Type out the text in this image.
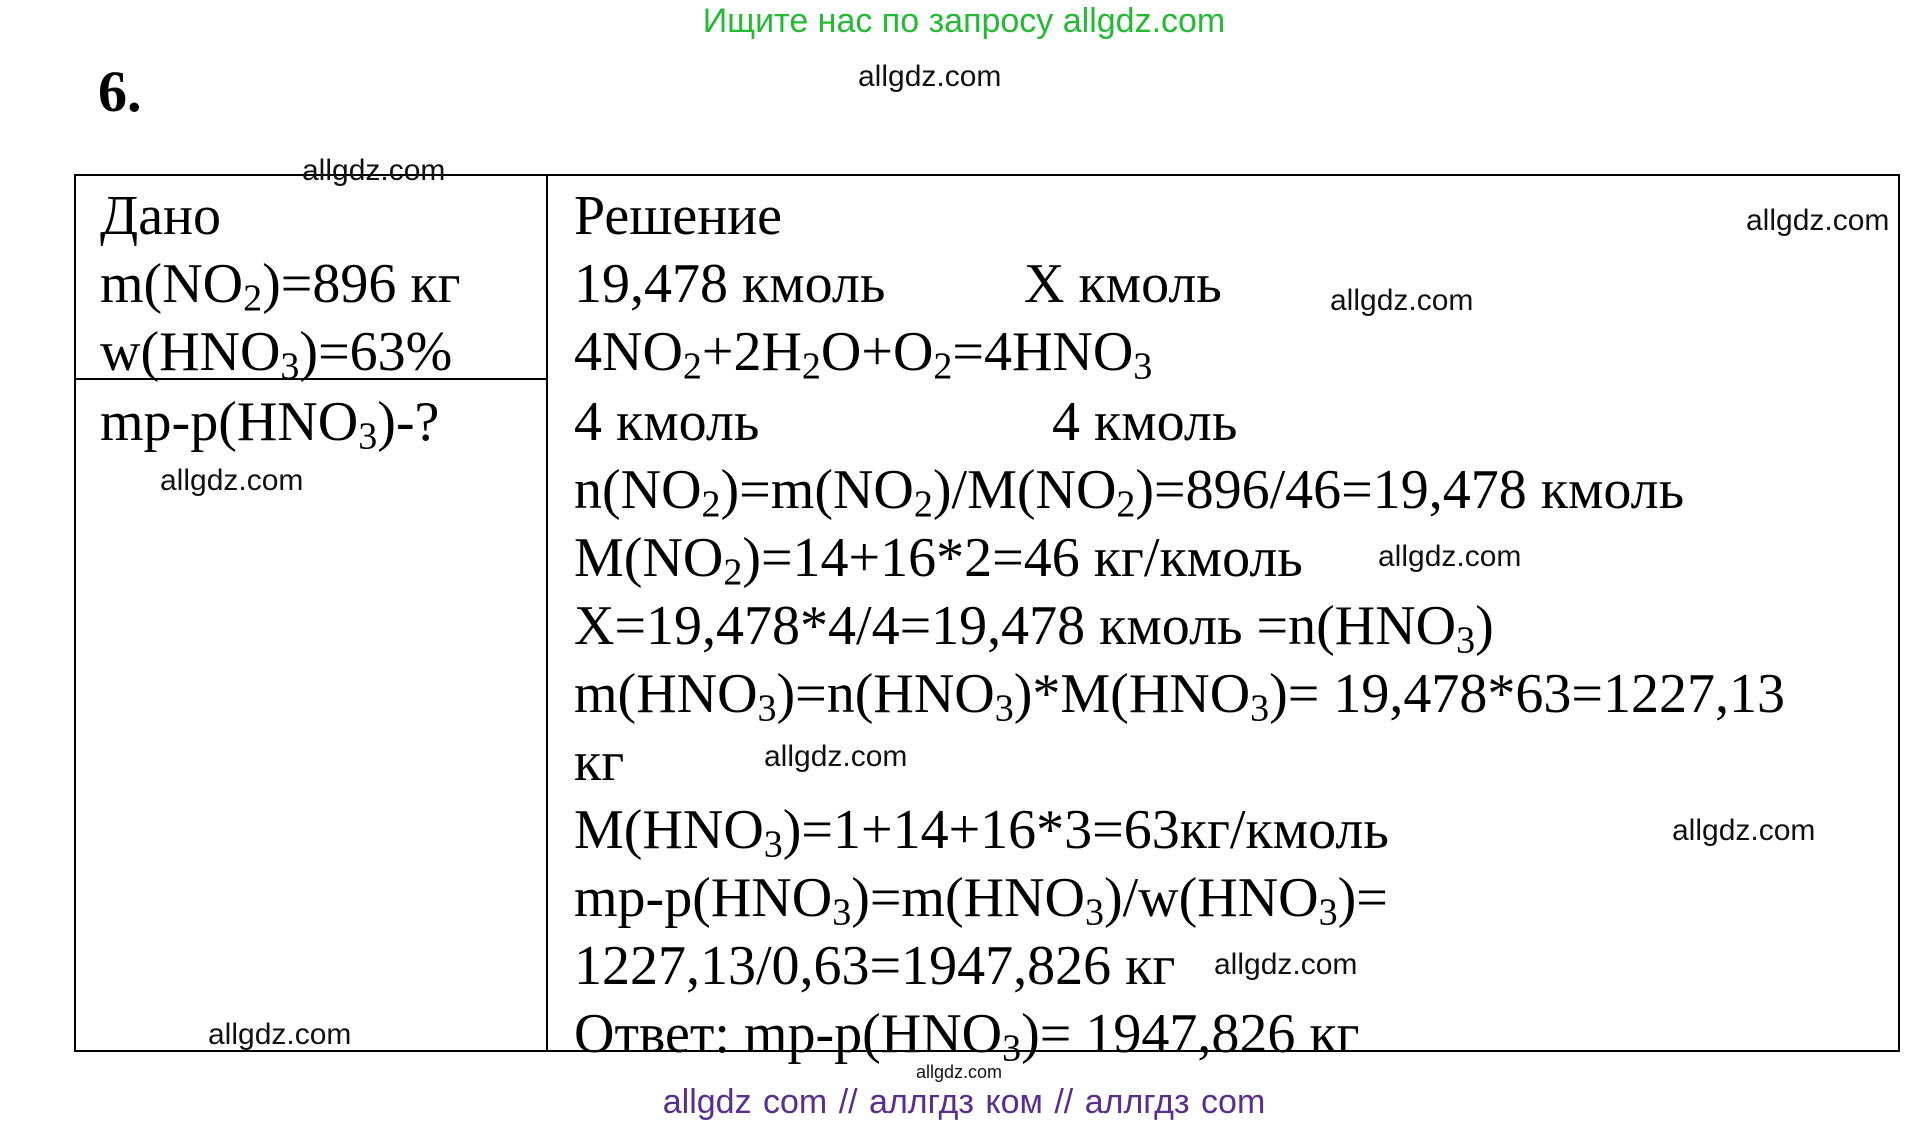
Ищите нас по запросу allgdz.com
6.	allgdz.com
Дано
$m(NO_2)=896$ кг
$w(HNO_3)=63\%$
$mр-р(HNO_3)-$?
Решение
19,478 кмоль X кмоль
$4NO_2+2H_2O+O_2=4HNO_3$
4 кмоль	4 кмоль
$n(NO_2)=m(NO_2)/M(NO_2)=896/46=19,478$ кмоль
$M(NO_2)=14+16*2=46$ кг/кмоль
X=19,478*4/4=19,478 кмоль $=n(HNO_3)$
$m(HNO_3)=n(HNO_3)*M(HNO_3)= 19,478*63=1227,13$
кг
$M(HNO_3)=1+14+16*3=63кг$/кмоль
$mр-р(HNO_3)=m(HNO_3)/w(HNO_3)=$
1227,13/0,63=1947,826 кг
Ответ: $mр-р(HNO_3)= 1947,826$ кг
allgdz.com
allgdz.com
allgdz.com
allgdz.com
allgdz.com
allgdz.com
allgdz.com
allgdz.com
allgdz.com
allgdz.com
allgdz com // аллгдз ком // аллгдз com
